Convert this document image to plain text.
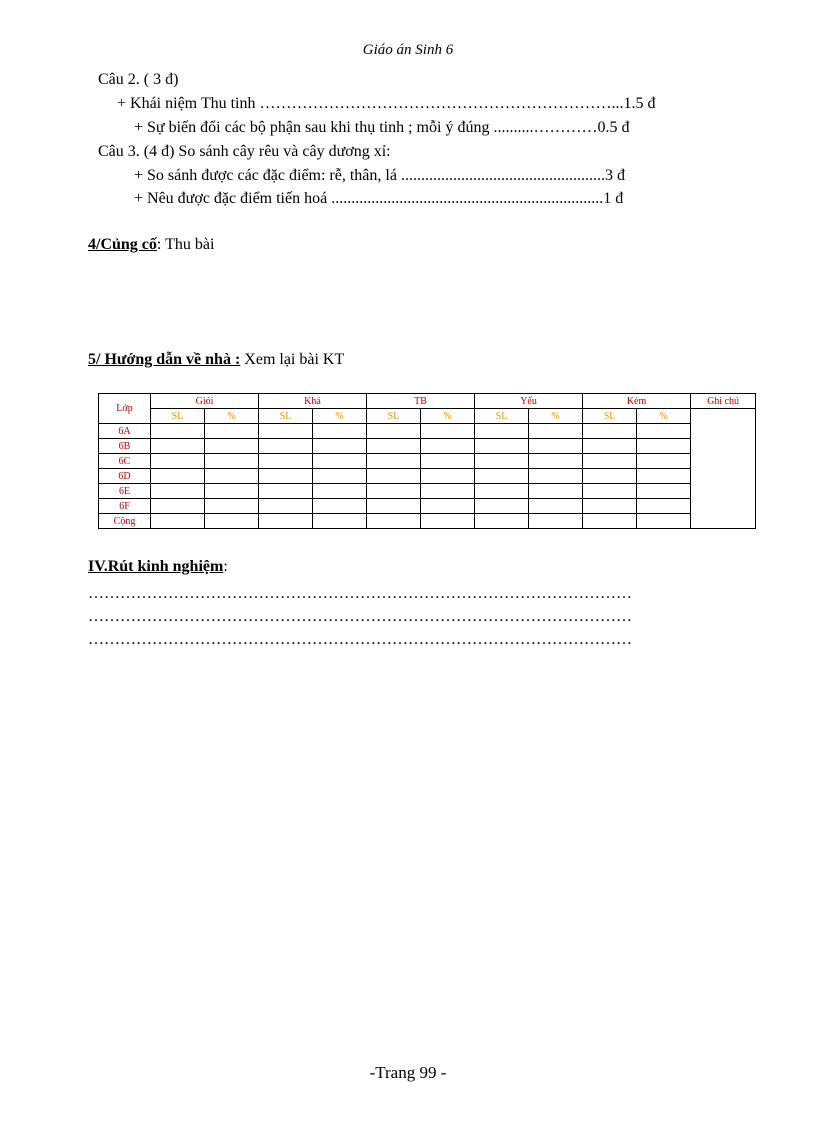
Giáo án Sinh 6
Câu 2. ( 3 đ)
+ Khái niệm Thu tinh …………………………………………………………...1.5 đ
+ Sự biến đổi các bộ phận sau khi thụ tinh ; mỗi ý đúng ..........…………0.5 đ
Câu 3. (4 đ) So sánh cây rêu và cây dương xỉ:
+ So sánh được các đặc điểm: rễ, thân, lá ...................................................3 đ
+ Nêu được đặc điểm tiến hoá ....................................................................1 đ
4/Củng cố: Thu bài
5/ Hướng dẫn về nhà : Xem lại bài KT
Lớp	Giỏi		Khá		TB		Yếu		Kém		Ghi chú
	SL	%	SL	%	SL	%	SL	%	SL	%	
6A											
6B											
6C											
6D											
6E											
6F											
Cộng											
IV.Rút kinh nghiệm:
…………………………………………………………………………………………
…………………………………………………………………………………………
…………………………………………………………………………………………
-Trang 99 -
